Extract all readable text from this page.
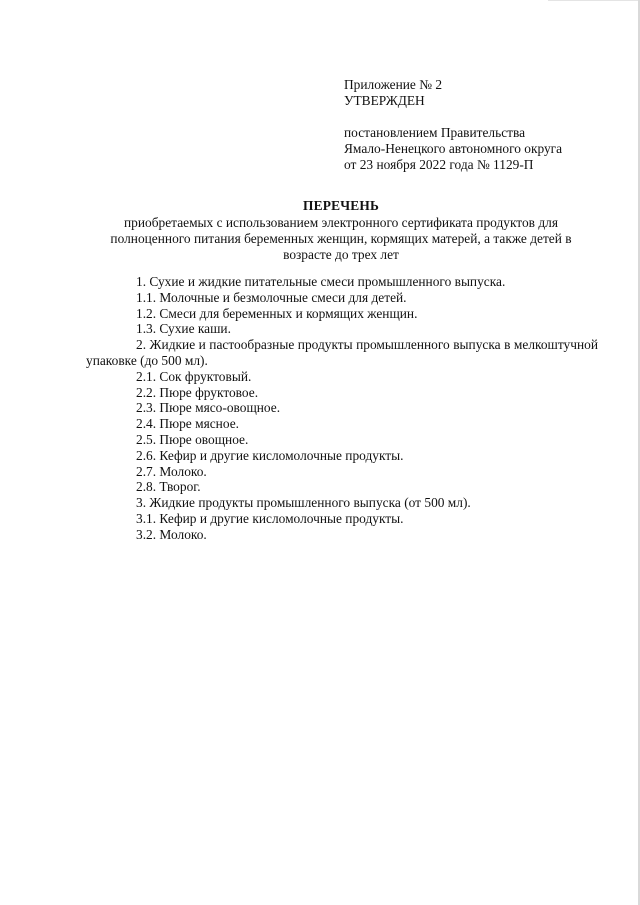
Приложение № 2
УТВЕРЖДЕН
постановлением Правительства
Ямало-Ненецкого автономного округа
от 23 ноября 2022 года № 1129-П
ПЕРЕЧЕНЬ
приобретаемых с использованием электронного сертификата продуктов для полноценного питания беременных женщин, кормящих матерей, а также детей в возрасте до трех лет
1. Сухие и жидкие питательные смеси промышленного выпуска.
1.1. Молочные и безмолочные смеси для детей.
1.2. Смеси для беременных и кормящих женщин.
1.3. Сухие каши.
2. Жидкие и пастообразные продукты промышленного выпуска в мелкоштучной упаковке (до 500 мл).
2.1. Сок фруктовый.
2.2. Пюре фруктовое.
2.3. Пюре мясо-овощное.
2.4. Пюре мясное.
2.5. Пюре овощное.
2.6. Кефир и другие кисломолочные продукты.
2.7. Молоко.
2.8. Творог.
3. Жидкие продукты промышленного выпуска (от 500 мл).
3.1. Кефир и другие кисломолочные продукты.
3.2. Молоко.
